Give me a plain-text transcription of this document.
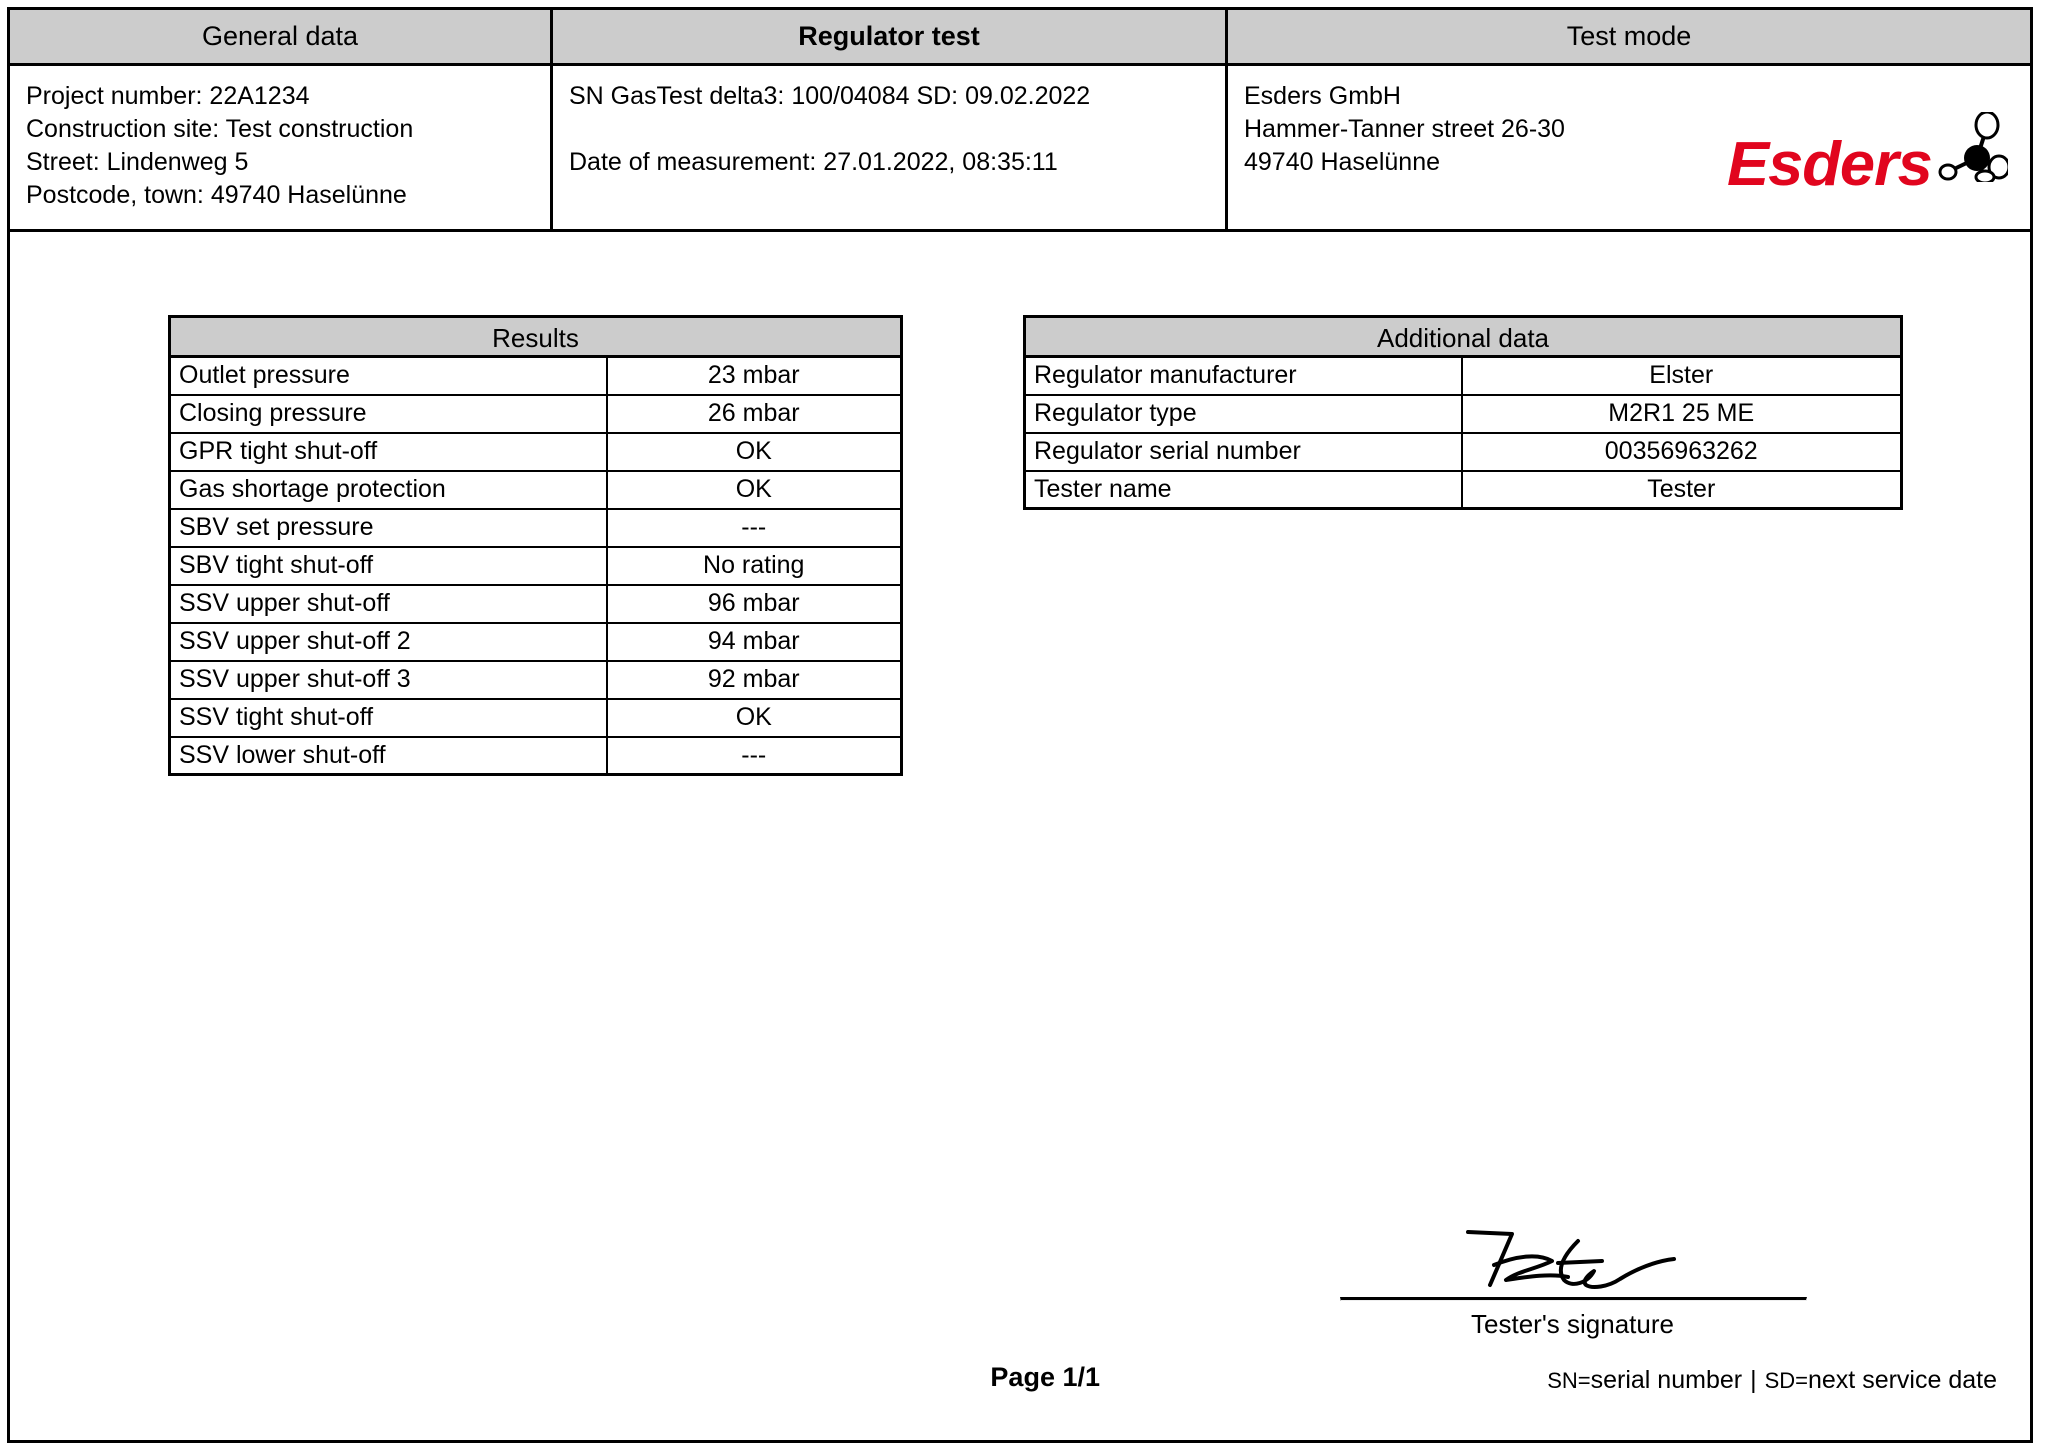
General data
Project number: 22A1234
Construction site: Test construction
Street: Lindenweg 5
Postcode, town: 49740 Haselünne
Regulator test
SN GasTest delta3: 100/04084 SD: 09.02.2022
Date of measurement: 27.01.2022, 08:35:11
Test mode
Esders GmbH
Hammer-Tanner street 26-30
49740 Haselünne	Esders
Results
Outlet pressure	23 mbar
Closing pressure	26 mbar
GPR tight shut-off	OK
Gas shortage protection	OK
SBV set pressure	---
SBV tight shut-off	No rating
SSV upper shut-off	96 mbar
SSV upper shut-off 2	94 mbar
SSV upper shut-off 3	92 mbar
SSV tight shut-off	OK
SSV lower shut-off	---
Additional data
Regulator manufacturer	Elster
Regulator type	M2R1 25 ME
Regulator serial number	00356963262
Tester name	Tester
Tester's signature
Page 1/1	SN=serial number | SD=next service date
